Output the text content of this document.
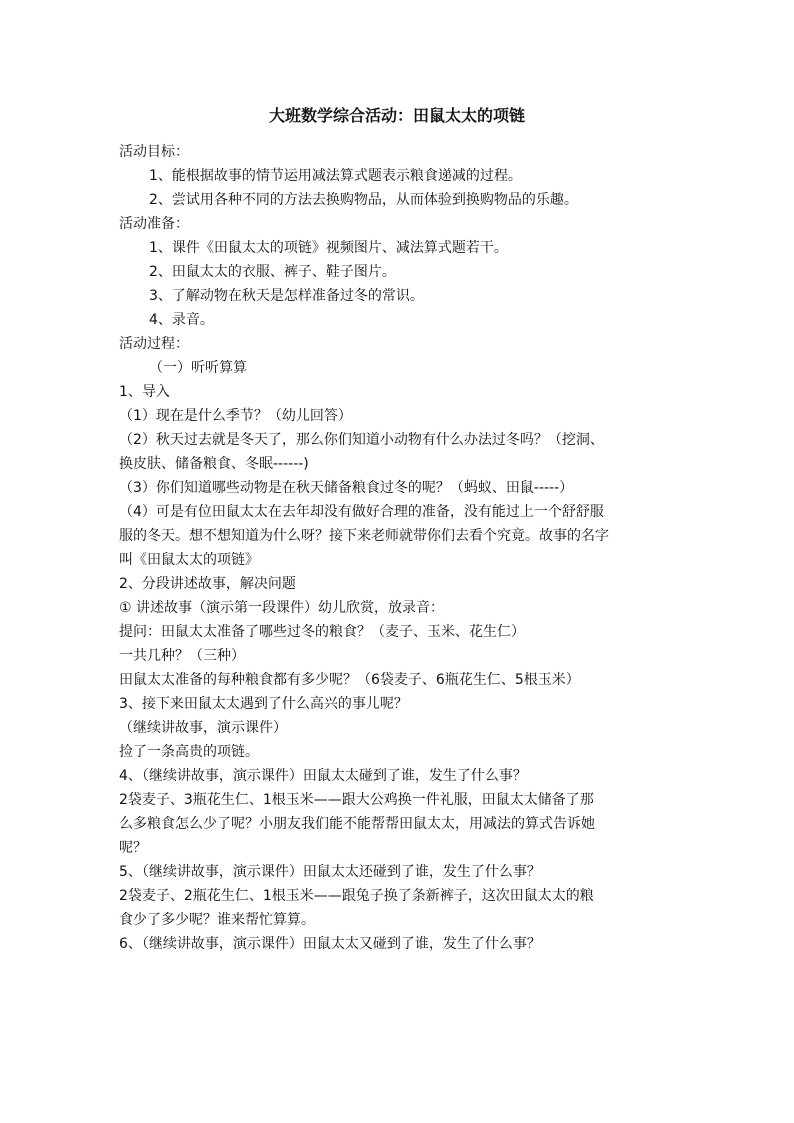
大班数学综合活动：田鼠太太的项链
活动目标：
1、能根据故事的情节运用减法算式题表示粮食递减的过程。
2、尝试用各种不同的方法去换购物品，从而体验到换购物品的乐趣。
活动准备：
1、课件《田鼠太太的项链》视频图片、减法算式题若干。
2、田鼠太太的衣服、裤子、鞋子图片。
3、了解动物在秋天是怎样准备过冬的常识。
4、录音。
活动过程：
（一）听听算算
1、导入
（1）现在是什么季节？（幼儿回答）
（2）秋天过去就是冬天了，那么你们知道小动物有什么办法过冬吗？（挖洞、
换皮肤、储备粮食、冬眠------)
（3）你们知道哪些动物是在秋天储备粮食过冬的呢？（蚂蚁、田鼠-----）
（4）可是有位田鼠太太在去年却没有做好合理的准备，没有能过上一个舒舒服
服的冬天。想不想知道为什么呀？接下来老师就带你们去看个究竟。故事的名字
叫《田鼠太太的项链》
2、分段讲述故事，解决问题
① 讲述故事（演示第一段课件）幼儿欣赏，放录音：
提问：田鼠太太准备了哪些过冬的粮食？（麦子、玉米、花生仁）
一共几种？（三种）
田鼠太太准备的每种粮食都有多少呢？（6袋麦子、6瓶花生仁、5根玉米）
3、接下来田鼠太太遇到了什么高兴的事儿呢？
（继续讲故事，演示课件）
捡了一条高贵的项链。
4、（继续讲故事，演示课件）田鼠太太碰到了谁，发生了什么事？
2袋麦子、3瓶花生仁、1根玉米——跟大公鸡换一件礼服，田鼠太太储备了那
么多粮食怎么少了呢？小朋友我们能不能帮帮田鼠太太，用减法的算式告诉她
呢？
5、（继续讲故事，演示课件）田鼠太太还碰到了谁，发生了什么事？
2袋麦子、2瓶花生仁、1根玉米——跟兔子换了条新裤子，这次田鼠太太的粮
食少了多少呢？谁来帮忙算算。
6、（继续讲故事，演示课件）田鼠太太又碰到了谁，发生了什么事？
